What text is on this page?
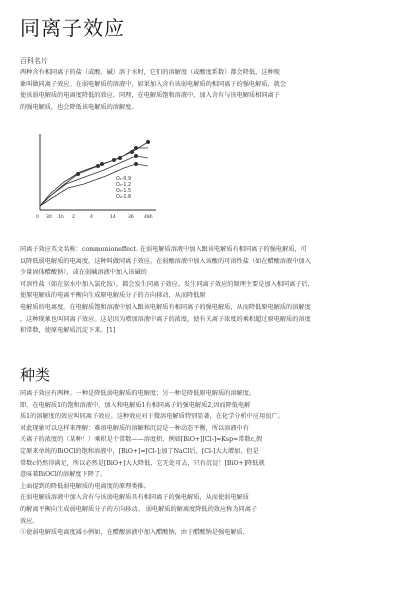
同离子效应
百科名片
两种含有相同离子的盐（或酸、碱）溶于水时，它们的溶解度（或酸度系数）都会降低，这种现
象叫做同离子效应。在弱电解质的溶液中，如果加入含有该弱电解质的相同离子的强电解质，就会
使该弱电解质的电离度降低的效应。同理，在电解质饱和溶液中，加入含有与该电解质相同离子
的强电解质，也会降低该电解质的溶解度。
O₁-0.9
O₂-1.2
O₃-1.5
O₄-1.8
0 30 1h 2	4	14	36 48h
同离子效应英文名称：commonioneffect. 在弱电解质溶液中加入跟该电解质有相同离子的强电解质，可
以降低弱电解质的电离度，这种叫做同离子效应。在弱酸溶液中加入该酸的可溶性盐（如在醋酸溶液中加入
少量固体醋酸钠），或在弱碱溶液中加入该碱的
可溶性盐（如在氨水中加入氯化铵），都会发生同离子效应。发生同离子效应的原理主要是加入相同离子后，
使原电解质的电离平衡向生成原电解质分子的方向移动，从而降低原
电解质的电离度。在电解质饱和溶液中加入跟该电解质有相同离子的强电解质，从而降低原电解质的溶解度
，这种现象也叫同离子效应。这是因为增加溶液中离子的浓度，使有关离子浓度的乘积超过原电解质的溶度
积常数，使原电解质沉淀下来。[1]
种类
同离子效应有两种。一种是降低弱电解质的电解度；另一种是降低原电解质的溶解度。
即，在电解质1的饱和溶液中，加入和电解质1有相同离子的强电解质2,因而降低电解
质1的溶解度的效应叫同离子效应。这种效应对于微溶电解质特别显著，在化学分析中应用很广。
对此现象可以这样来理解：难溶电解质的溶解和沉淀是一种动态平衡，所以溶液中有
关离子的浓度的（某种！）乘积是个常数——溶度积，例如[BiO+][Cl-]=Ksp=常数c,假
定原来单纯的BiOCl的饱和溶液中，[BiO+]=[Cl-];加了NaCl后，[Cl-]大大增加，但是
常数c仍然得满足，所以必然是[BiO+]大大降低，它无处可去，只有沉淀！[BiO+]降低就
意味着BiOCl的溶解度下降了。
上面提到的降低弱电解质的电离度的原理类推。
在弱电解质溶液中加入含有与该弱电解质具有相同离子的强电解质，从而使弱电解质
的解离平衡向生成弱电解质分子的方向移动。 弱电解质的解离度降低的效应称为同离子
效应。
①使弱电解质电离度减小例如，在醋酸溶液中加入醋酸钠，由于醋酸钠是强电解质，
